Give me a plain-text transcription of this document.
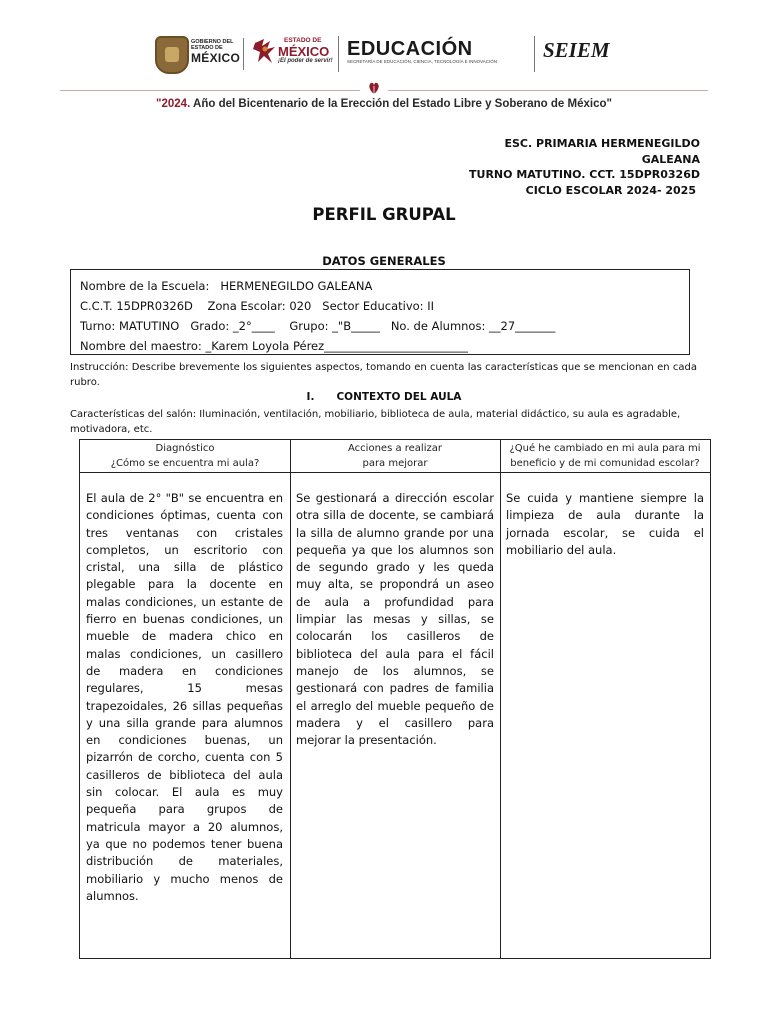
GOBIERNO DEL
ESTADO DE
MÉXICO
ESTADO DE
MÉXICO
¡El poder de servir!
EDUCACIÓN
SECRETARÍA DE EDUCACIÓN, CIENCIA, TECNOLOGÍA E INNOVACIÓN	SEIEM
"2024. Año del Bicentenario de la Erección del Estado Libre y Soberano de México"
ESC. PRIMARIA HERMENEGILDO
GALEANA
TURNO MATUTINO. CCT. 15DPR0326D
CICLO ESCOLAR 2024- 2025
PERFIL GRUPAL
DATOS GENERALES
Nombre de la Escuela: HERMENEGILDO GALEANA
C.C.T. 15DPR0326D Zona Escolar: 020 Sector Educativo: II
Turno: MATUTINO Grado: _2°____ Grupo: _"B_____ No. de Alumnos: __27_______
Nombre del maestro: _Karem Loyola Pérez_________________________
Instrucción: Describe brevemente los siguientes aspectos, tomando en cuenta las características que se mencionan en cada rubro.
I. CONTEXTO DEL AULA
Características del salón: Iluminación, ventilación, mobiliario, biblioteca de aula, material didáctico, su aula es agradable, motivadora, etc.
Diagnóstico
¿Cómo se encuentra mi aula?
El aula de 2° "B" se encuentra en condiciones óptimas, cuenta con tres ventanas con cristales completos, un escritorio con cristal, una silla de plástico plegable para la docente en malas condiciones, un estante de fierro en buenas condiciones, un mueble de madera chico en malas condiciones, un casillero de madera en condiciones regulares, 15 mesas trapezoidales, 26 sillas pequeñas y una silla grande para alumnos en condiciones buenas, un pizarrón de corcho, cuenta con 5 casilleros de biblioteca del aula sin colocar. El aula es muy pequeña para grupos de matricula mayor a 20 alumnos, ya que no podemos tener buena distribución de materiales, mobiliario y mucho menos de alumnos.
Acciones a realizar
para mejorar
Se gestionará a dirección escolar otra silla de docente, se cambiará la silla de alumno grande por una pequeña ya que los alumnos son de segundo grado y les queda muy alta, se propondrá un aseo de aula a profundidad para limpiar las mesas y sillas, se colocarán los casilleros de biblioteca del aula para el fácil manejo de los alumnos, se gestionará con padres de familia el arreglo del mueble pequeño de madera y el casillero para mejorar la presentación.
¿Qué he cambiado en mi aula para mi
beneficio y de mi comunidad escolar?
Se cuida y mantiene siempre la limpieza de aula durante la jornada escolar, se cuida el mobiliario del aula.
